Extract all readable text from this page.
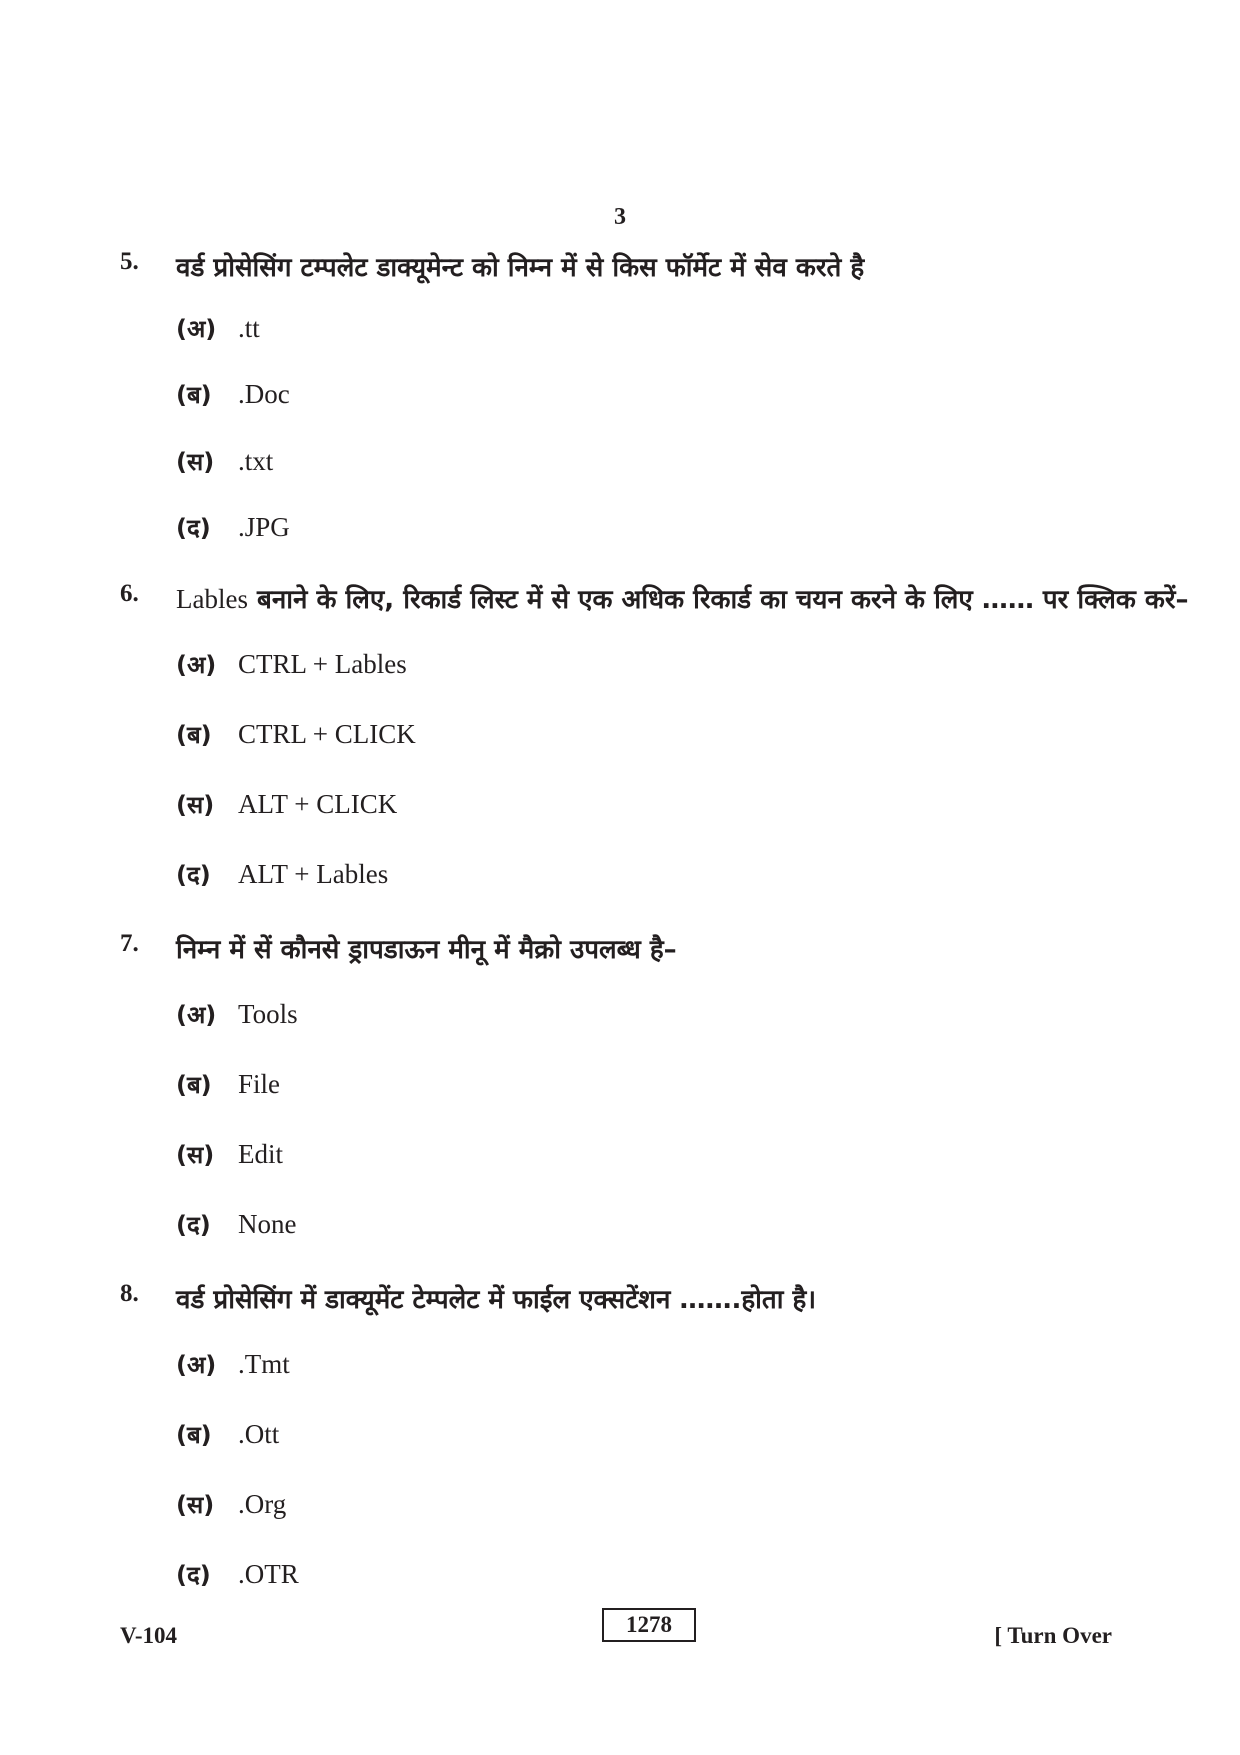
3

5. वर्ड प्रोसेसिंग टम्पलेट डाक्यूमेन्ट को निम्न में से किस फॉर्मेट में सेव करते है
(अ) .tt
(ब) .Doc
(स) .txt
(द) .JPG
6. Lables बनाने के लिए, रिकार्ड लिस्ट में से एक अधिक रिकार्ड का चयन करने के लिए …… पर क्लिक करें–
(अ) CTRL + Lables
(ब) CTRL + CLICK
(स) ALT + CLICK
(द) ALT + Lables
7. निम्न में सें कौनसे ड्रापडाऊन मीनू में मैक्रो उपलब्ध है–
(अ) Tools
(ब) File
(स) Edit
(द) None
8. वर्ड प्रोसेसिंग में डाक्यूमेंट टेम्पलेट में फाईल एक्सटेंशन …….होता है।
(अ) .Tmt
(ब) .Ott
(स) .Org
(द) .OTR

V-104	1278	[ Turn Over
